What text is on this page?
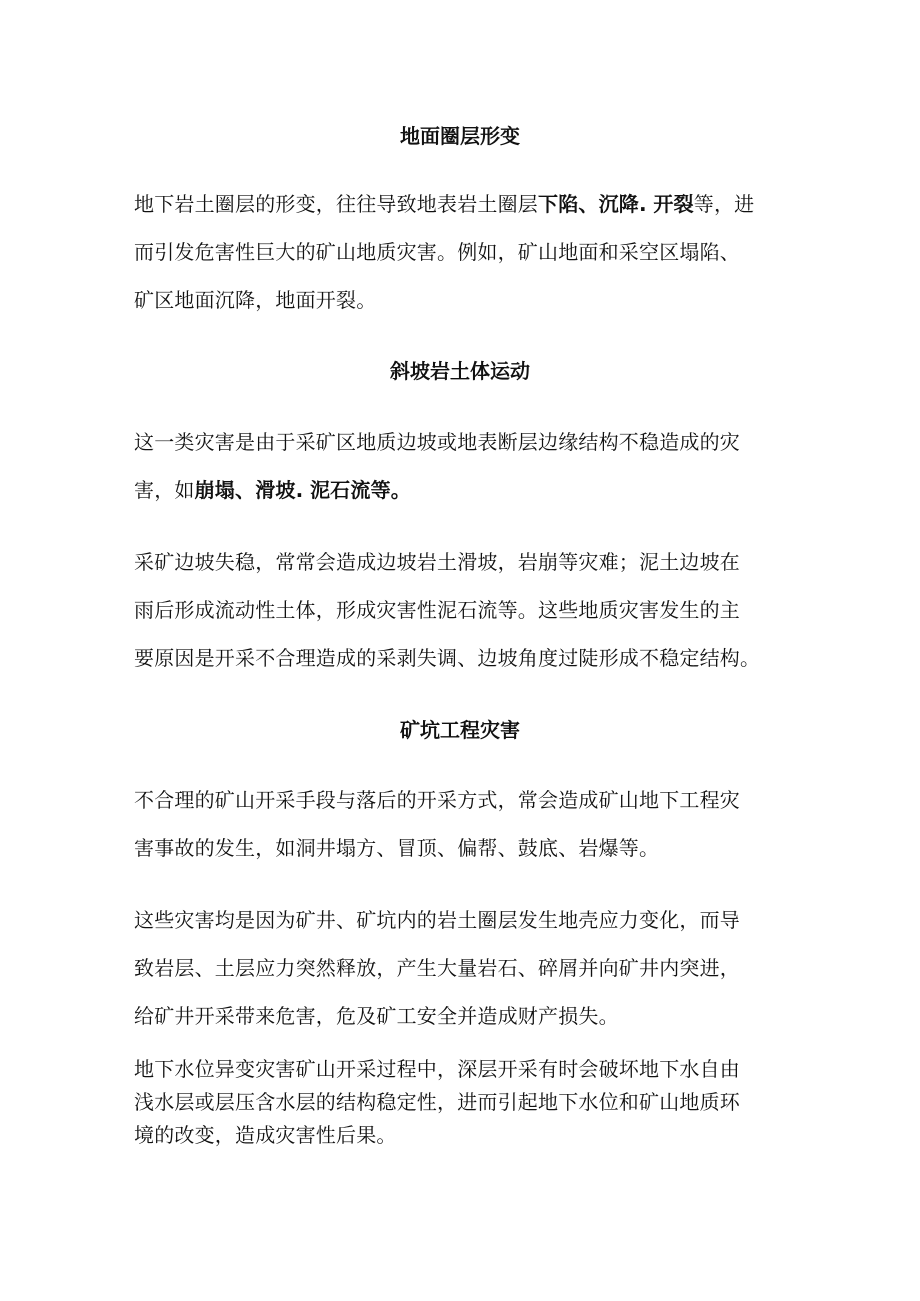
地面圈层形变

地下岩土圈层的形变，往往导致地表岩土圈层下陷、沉降. 开裂等，进
而引发危害性巨大的矿山地质灾害。例如，矿山地面和采空区塌陷、
矿区地面沉降，地面开裂。

斜坡岩土体运动

这一类灾害是由于采矿区地质边坡或地表断层边缘结构不稳造成的灾
害，如崩塌、滑坡. 泥石流等。

采矿边坡失稳，常常会造成边坡岩土滑坡，岩崩等灾难；泥土边坡在
雨后形成流动性土体，形成灾害性泥石流等。这些地质灾害发生的主
要原因是开采不合理造成的采剥失调、边坡角度过陡形成不稳定结构。

矿坑工程灾害

不合理的矿山开采手段与落后的开采方式，常会造成矿山地下工程灾
害事故的发生，如洞井塌方、冒顶、偏帮、鼓底、岩爆等。

这些灾害均是因为矿井、矿坑内的岩土圈层发生地壳应力变化，而导
致岩层、土层应力突然释放，产生大量岩石、碎屑并向矿井内突进，
给矿井开采带来危害，危及矿工安全并造成财产损失。

地下水位异变灾害矿山开采过程中，深层开采有时会破坏地下水自由
浅水层或层压含水层的结构稳定性，进而引起地下水位和矿山地质环
境的改变，造成灾害性后果。
